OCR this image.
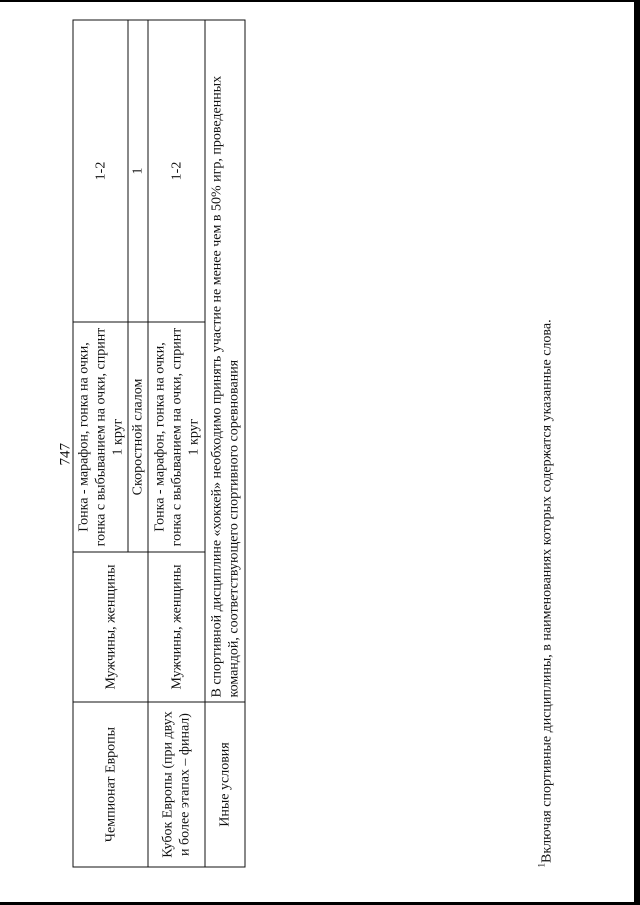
747
Чемпионат Европы	Мужчины, женщины	Гонка - марафон, гонка на очки, гонка с выбыванием на очки, спринт 1 круг	1-2
		Скоростной слалом	1
Кубок Европы (при двух и более этапах – финал)	Мужчины, женщины	Гонка - марафон, гонка на очки, гонка с выбыванием на очки, спринт 1 круг	1-2
Иные условия	В спортивной дисциплине «хоккей» необходимо принять участие не менее чем в 50% игр, проведенных командой, соответствующего спортивного соревнования		
$^1$Включая спортивные дисциплины, в наименованиях которых содержатся указанные слова.
